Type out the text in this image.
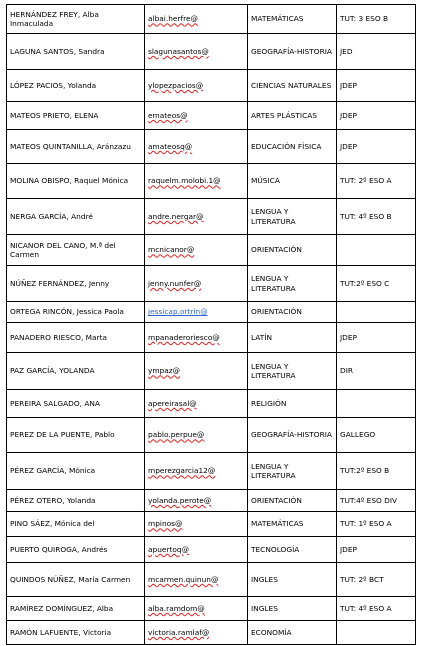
HERNÁNDEZ FREY, Alba Inmaculada	albai.herfre@	MATEMÁTICAS	TUT: 3 ESO B
LAGUNA SANTOS, Sandra	slagunasantos@	GEOGRAFÍA-HISTORIA	JED
LÓPEZ PACIOS, Yolanda	ylopezpacios@	CIENCIAS NATURALES	JDEP
MATEOS PRIETO, ELENA	emateos@	ARTES PLÁSTICAS	JDEP
MATEOS QUINTANILLA, Aránzazu	amateosq@	EDUCACIÓN FÍSICA	JDEP
MOLINA OBISPO, Raquel Mónica	raquelm.molobi.1@	MÚSICA	TUT: 2º ESO A
NERGA GARCÍA, André	andre.nergar@	LENGUA Y LITERATURA	TUT: 4º ESO B
NICANOR DEL CANO, M.ª del Carmen	mcnicanor@	ORIENTACIÓN	
NÚÑEZ FERNÁNDEZ, Jenny	jenny.nunfer@	LENGUA Y LITERATURA	TUT:2º ESO C
ORTEGA RINCÓN, Jessica Paola	jessicap.ortrin@	ORIENTACIÓN	
PANADERO RIESCO, Marta	mpanaderoriesco@	LATÍN	JDEP
PAZ GARCÍA, YOLANDA	ympaz@	LENGUA Y LITERATURA	DIR
PEREIRA SALGADO, ANA	apereirasal@	RELIGIÓN	
PEREZ DE LA PUENTE, Pablo	pablo.perpue@	GEOGRAFÍA-HISTORIA	GALLEGO
PÉREZ GARCÍA, Mónica	mperezgarcia12@	LENGUA Y LITERATURA	TUT:2º ESO B
PÉREZ OTERO, Yolanda	yolanda.perote@	ORIENTACIÓN	TUT:4º ESO DIV
PINO SÁEZ, Mónica del	mpinos@	MATEMÁTICAS	TUT: 1º ESO A
PUERTO QUIROGA, Andrés	apuertoq@	TECNOLOGÍA	JDEP
QUINDOS NÚÑEZ, María Carmen	mcarmen.quinun@	INGLES	TUT: 2º BCT
RAMÍREZ DOMÍNGUEZ, Alba	alba.ramdom@	INGLES	TUT: 4º ESO A
RAMÓN LAFUENTE, Victoria	victoria.ramlaf@	ECONOMÍA	
